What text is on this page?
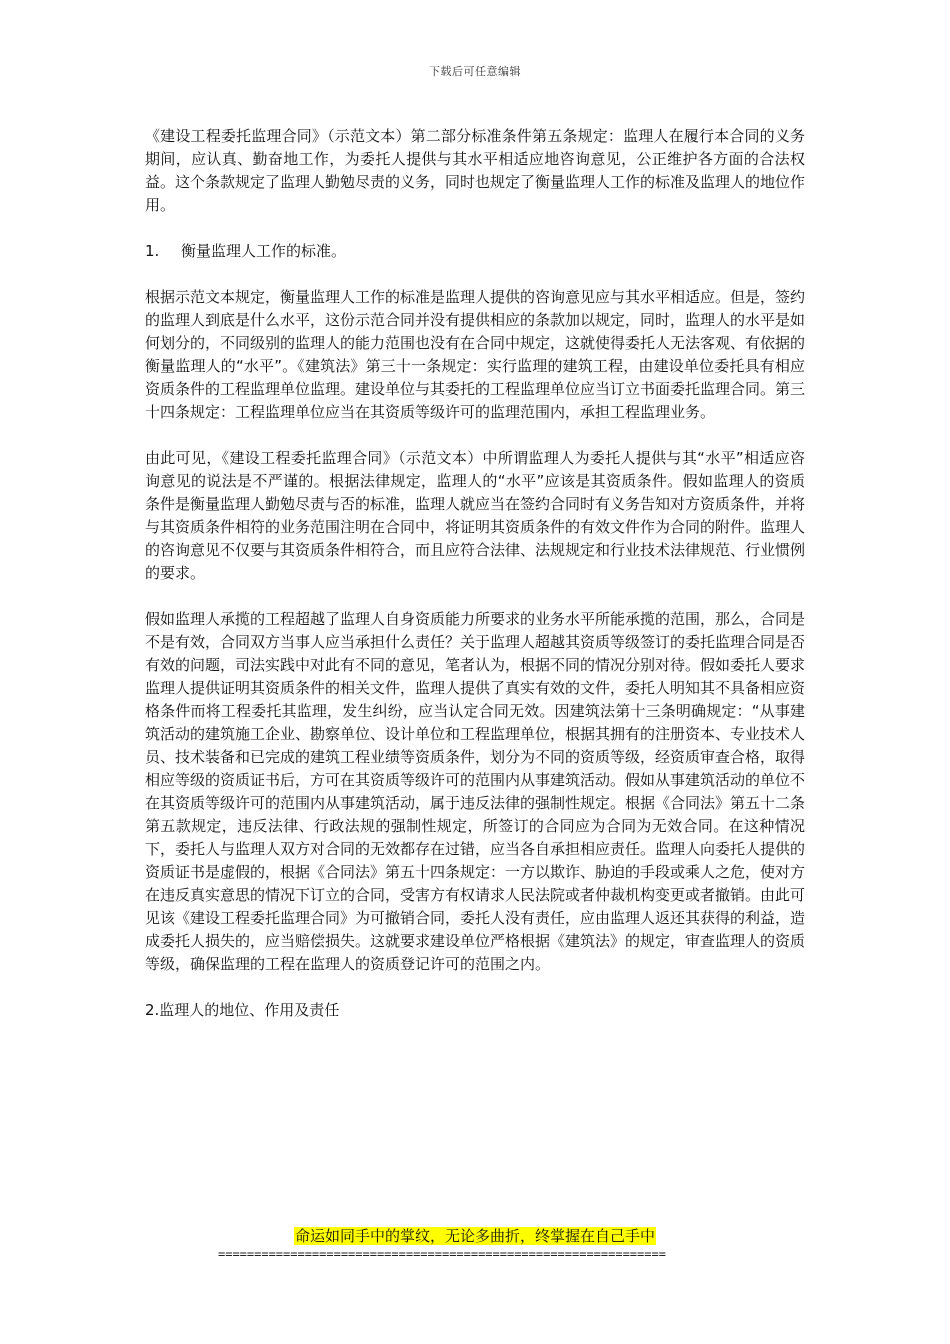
下载后可任意编辑

《建设工程委托监理合同》（示范文本）第二部分标准条件第五条规定：监理人在履行本合同的义务期间，应认真、勤奋地工作，为委托人提供与其水平相适应地咨询意见，公正维护各方面的合法权益。这个条款规定了监理人勤勉尽责的义务，同时也规定了衡量监理人工作的标准及监理人的地位作用。

1. 衡量监理人工作的标准。

根据示范文本规定，衡量监理人工作的标准是监理人提供的咨询意见应与其水平相适应。但是，签约的监理人到底是什么水平，这份示范合同并没有提供相应的条款加以规定，同时，监理人的水平是如何划分的，不同级别的监理人的能力范围也没有在合同中规定，这就使得委托人无法客观、有依据的衡量监理人的“水平”。《建筑法》第三十一条规定：实行监理的建筑工程，由建设单位委托具有相应资质条件的工程监理单位监理。建设单位与其委托的工程监理单位应当订立书面委托监理合同。第三十四条规定：工程监理单位应当在其资质等级许可的监理范围内，承担工程监理业务。

由此可见，《建设工程委托监理合同》（示范文本）中所谓监理人为委托人提供与其“水平”相适应咨询意见的说法是不严谨的。根据法律规定，监理人的“水平”应该是其资质条件。假如监理人的资质条件是衡量监理人勤勉尽责与否的标准，监理人就应当在签约合同时有义务告知对方资质条件，并将与其资质条件相符的业务范围注明在合同中，将证明其资质条件的有效文件作为合同的附件。监理人的咨询意见不仅要与其资质条件相符合，而且应符合法律、法规规定和行业技术法律规范、行业惯例的要求。

假如监理人承揽的工程超越了监理人自身资质能力所要求的业务水平所能承揽的范围，那么，合同是不是有效，合同双方当事人应当承担什么责任？关于监理人超越其资质等级签订的委托监理合同是否有效的问题，司法实践中对此有不同的意见，笔者认为，根据不同的情况分别对待。假如委托人要求监理人提供证明其资质条件的相关文件，监理人提供了真实有效的文件，委托人明知其不具备相应资格条件而将工程委托其监理，发生纠纷，应当认定合同无效。因建筑法第十三条明确规定：“从事建筑活动的建筑施工企业、勘察单位、设计单位和工程监理单位，根据其拥有的注册资本、专业技术人员、技术装备和已完成的建筑工程业绩等资质条件，划分为不同的资质等级，经资质审查合格，取得相应等级的资质证书后，方可在其资质等级许可的范围内从事建筑活动。假如从事建筑活动的单位不在其资质等级许可的范围内从事建筑活动，属于违反法律的强制性规定。根据《合同法》第五十二条第五款规定，违反法律、行政法规的强制性规定，所签订的合同应为合同为无效合同。在这种情况下，委托人与监理人双方对合同的无效都存在过错，应当各自承担相应责任。监理人向委托人提供的资质证书是虚假的，根据《合同法》第五十四条规定：一方以欺诈、胁迫的手段或乘人之危，使对方在违反真实意思的情况下订立的合同，受害方有权请求人民法院或者仲裁机构变更或者撤销。由此可见该《建设工程委托监理合同》为可撤销合同，委托人没有责任，应由监理人返还其获得的利益，造成委托人损失的，应当赔偿损失。这就要求建设单位严格根据《建筑法》的规定，审查监理人的资质等级，确保监理的工程在监理人的资质登记许可的范围之内。

2.监理人的地位、作用及责任

命运如同手中的掌纹，无论多曲折，终掌握在自己手中
==============================================================
